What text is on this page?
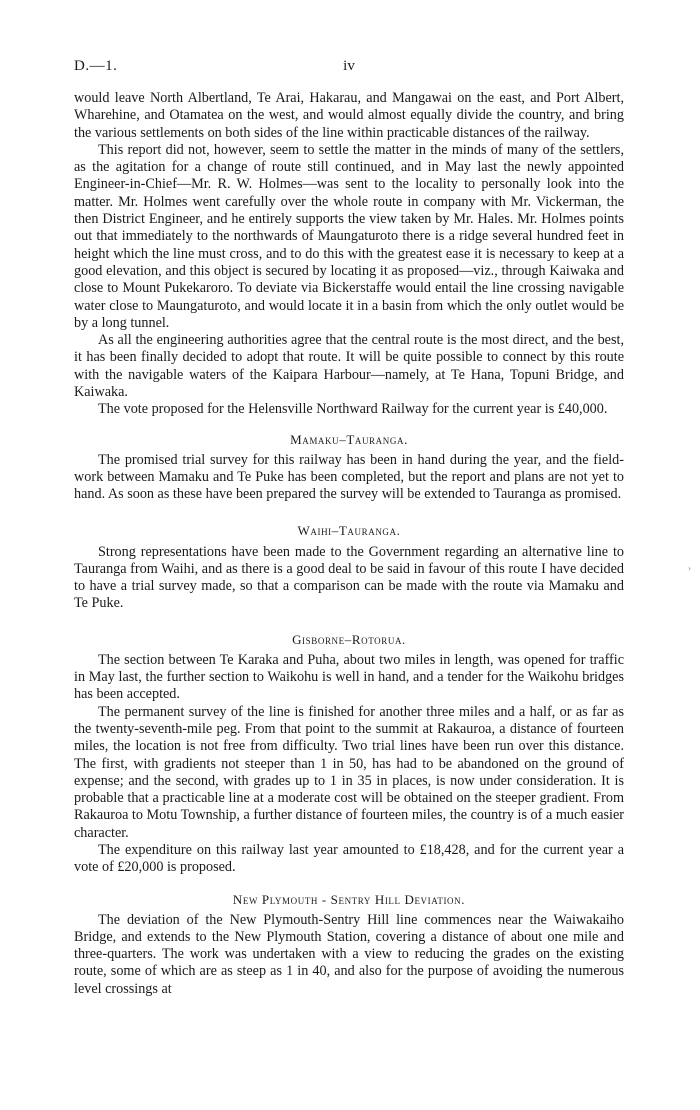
D.—1.	iv

would leave North Albertland, Te Arai, Hakarau, and Mangawai on the east, and Port Albert, Wharehine, and Otamatea on the west, and would almost equally divide the country, and bring the various settlements on both sides of the line within practicable distances of the railway.

This report did not, however, seem to settle the matter in the minds of many of the settlers, as the agitation for a change of route still continued, and in May last the newly appointed Engineer-in-Chief—Mr. R. W. Holmes—was sent to the locality to personally look into the matter. Mr. Holmes went carefully over the whole route in company with Mr. Vickerman, the then District Engineer, and he entirely supports the view taken by Mr. Hales. Mr. Holmes points out that immediately to the northwards of Maungaturoto there is a ridge several hundred feet in height which the line must cross, and to do this with the greatest ease it is necessary to keep at a good elevation, and this object is secured by locating it as proposed—viz., through Kaiwaka and close to Mount Pukekaroro. To deviate via Bickerstaffe would entail the line crossing navigable water close to Maungaturoto, and would locate it in a basin from which the only outlet would be by a long tunnel.

As all the engineering authorities agree that the central route is the most direct, and the best, it has been finally decided to adopt that route. It will be quite possible to connect by this route with the navigable waters of the Kaipara Harbour—namely, at Te Hana, Topuni Bridge, and Kaiwaka.

The vote proposed for the Helensville Northward Railway for the current year is £40,000.

Mamaku–Tauranga.

The promised trial survey for this railway has been in hand during the year, and the field-work between Mamaku and Te Puke has been completed, but the report and plans are not yet to hand. As soon as these have been prepared the survey will be extended to Tauranga as promised.

Waihi–Tauranga.

Strong representations have been made to the Government regarding an alternative line to Tauranga from Waihi, and as there is a good deal to be said in favour of this route I have decided to have a trial survey made, so that a comparison can be made with the route via Mamaku and Te Puke.

Gisborne–Rotorua.

The section between Te Karaka and Puha, about two miles in length, was opened for traffic in May last, the further section to Waikohu is well in hand, and a tender for the Waikohu bridges has been accepted.

The permanent survey of the line is finished for another three miles and a half, or as far as the twenty-seventh-mile peg. From that point to the summit at Rakauroa, a distance of fourteen miles, the location is not free from difficulty. Two trial lines have been run over this distance. The first, with gradients not steeper than 1 in 50, has had to be abandoned on the ground of expense; and the second, with grades up to 1 in 35 in places, is now under consideration. It is probable that a practicable line at a moderate cost will be obtained on the steeper gradient. From Rakauroa to Motu Township, a further distance of fourteen miles, the country is of a much easier character.

The expenditure on this railway last year amounted to £18,428, and for the current year a vote of £20,000 is proposed.

New Plymouth - Sentry Hill Deviation.

The deviation of the New Plymouth-Sentry Hill line commences near the Waiwakaiho Bridge, and extends to the New Plymouth Station, covering a distance of about one mile and three-quarters. The work was undertaken with a view to reducing the grades on the existing route, some of which are as steep as 1 in 40, and also for the purpose of avoiding the numerous level crossings at

›
